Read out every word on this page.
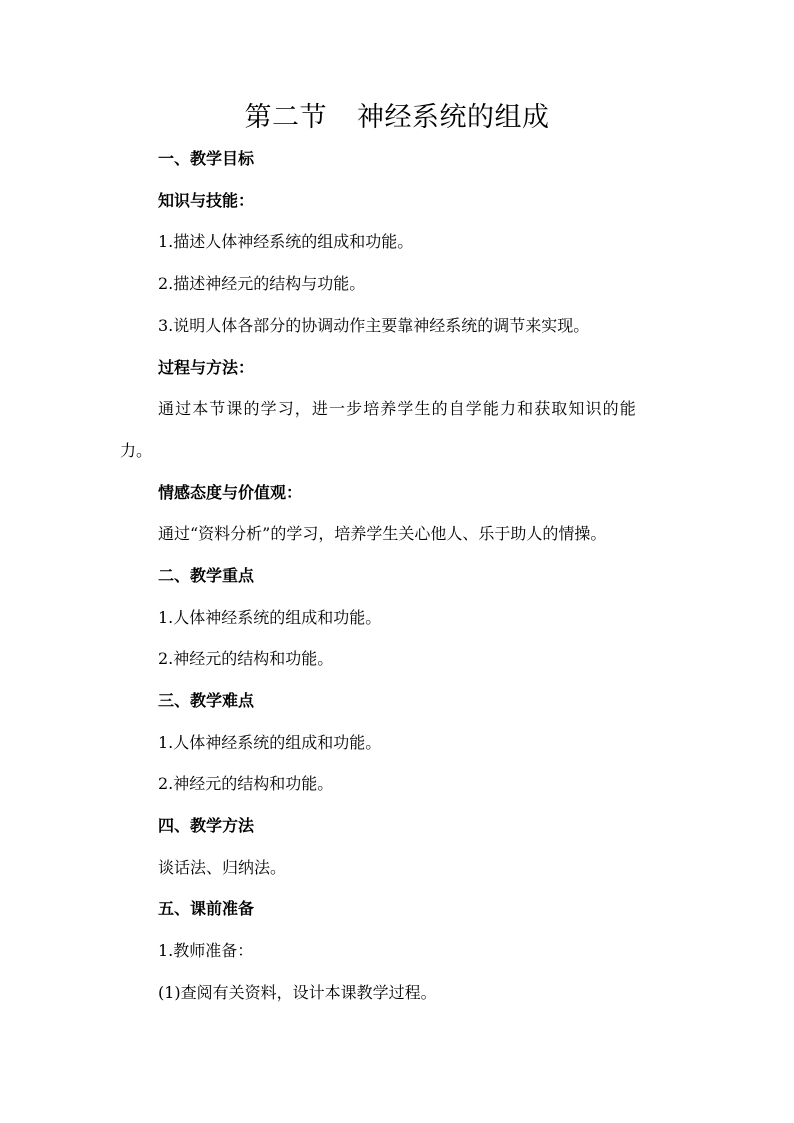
第二节 神经系统的组成
一、教学目标
知识与技能：
1.描述人体神经系统的组成和功能。
2.描述神经元的结构与功能。
3.说明人体各部分的协调动作主要靠神经系统的调节来实现。
过程与方法：
通过本节课的学习，进一步培养学生的自学能力和获取知识的能
力。
情感态度与价值观：
通过“资料分析”的学习，培养学生关心他人、乐于助人的情操。
二、教学重点
1.人体神经系统的组成和功能。
2.神经元的结构和功能。
三、教学难点
1.人体神经系统的组成和功能。
2.神经元的结构和功能。
四、教学方法
谈话法、归纳法。
五、课前准备
1.教师准备：
(1)查阅有关资料，设计本课教学过程。
